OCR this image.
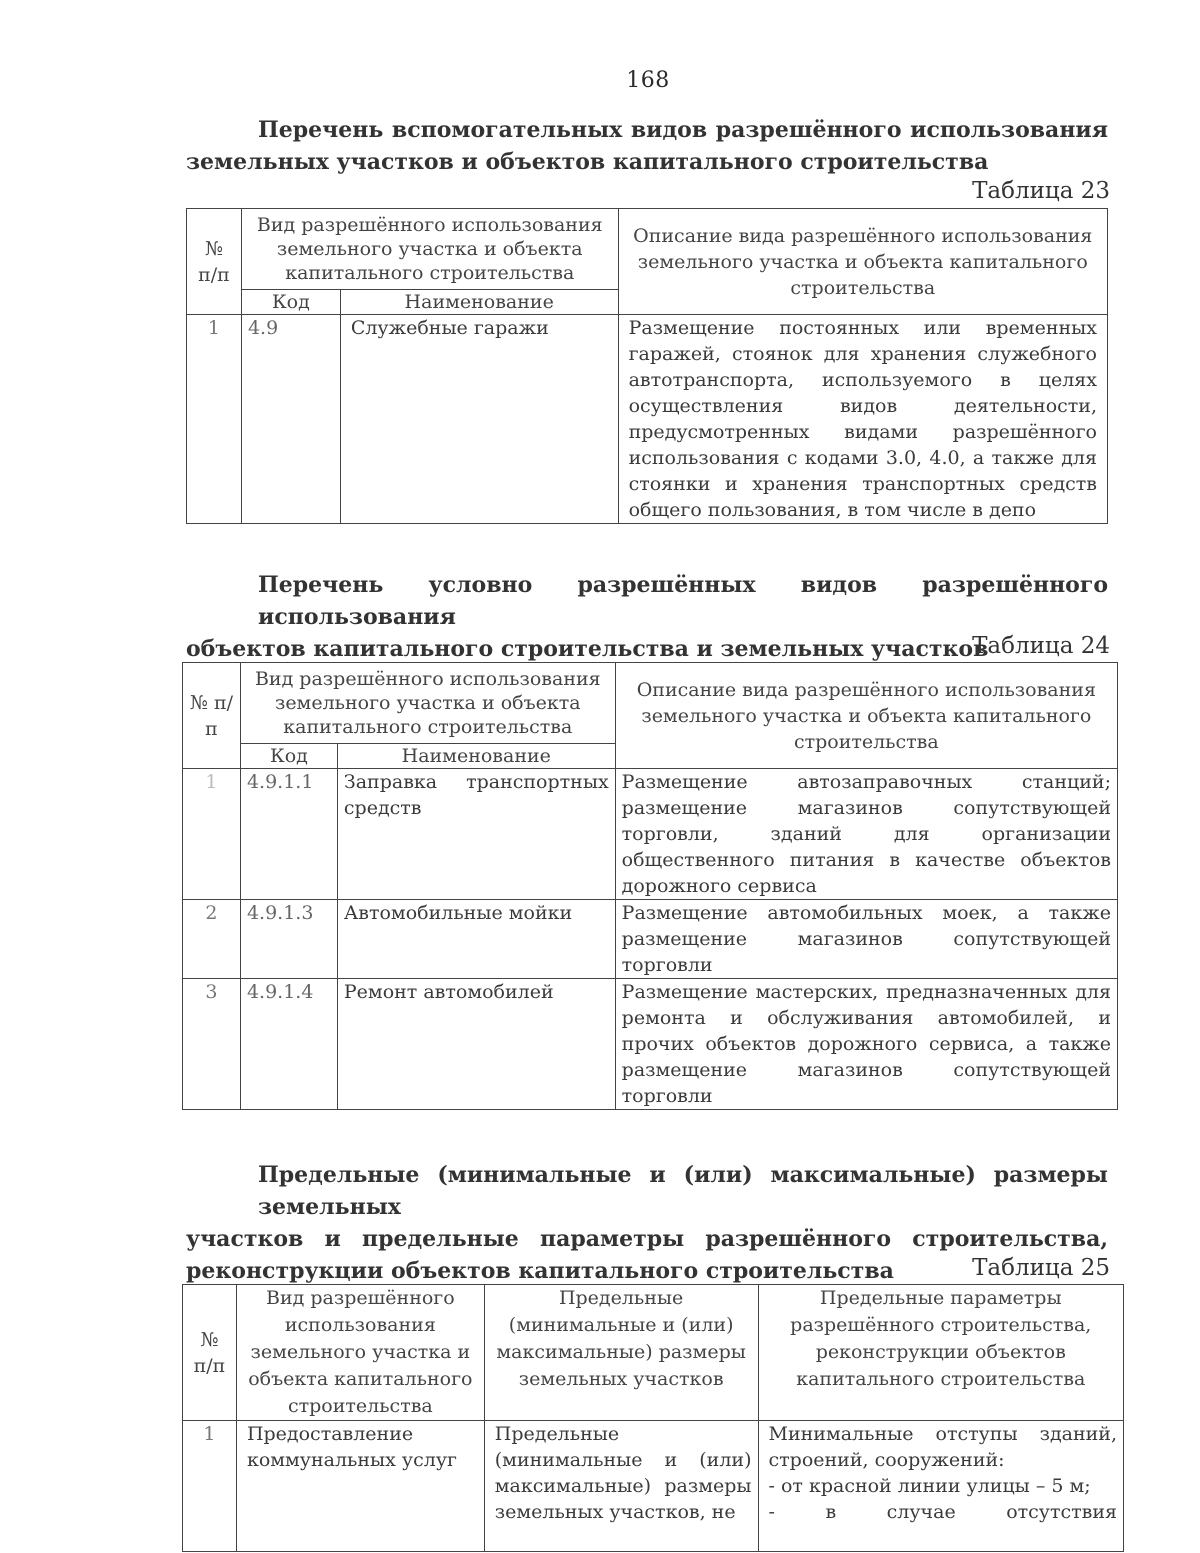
168
Перечень вспомогательных видов разрешённого использования
земельных участков и объектов капитального строительства
Таблица 23
№ п/п	Вид разрешённого использования земельного участка и объекта капитального строительства		Описание вида разрешённого использования земельного участка и объекта капитального строительства
	Код	Наименование	
1	4.9	Служебные гаражи	Размещение постоянных или временных гаражей, стоянок для хранения служебного автотранспорта, используемого в целях осуществления видов деятельности, предусмотренных видами разрешённого использования с кодами 3.0, 4.0, а также для стоянки и хранения транспортных средств общего пользования, в том числе в депо
Перечень условно разрешённых видов разрешённого использования
объектов капитального строительства и земельных участков
Таблица 24
№ п/п	Вид разрешённого использования земельного участка и объекта капитального строительства		Описание вида разрешённого использования земельного участка и объекта капитального строительства
	Код	Наименование	
1	4.9.1.1	Заправка транспортных средств	Размещение автозаправочных станций; размещение магазинов сопутствующей торговли, зданий для организации общественного питания в качестве объектов дорожного сервиса
2	4.9.1.3	Автомобильные мойки	Размещение автомобильных моек, а также размещение магазинов сопутствующей торговли
3	4.9.1.4	Ремонт автомобилей	Размещение мастерских, предназначенных для ремонта и обслуживания автомобилей, и прочих объектов дорожного сервиса, а также размещение магазинов сопутствующей торговли
Предельные (минимальные и (или) максимальные) размеры земельных
участков и предельные параметры разрешённого строительства,
реконструкции объектов капитального строительства	Таблица 25
№ п/п	Вид разрешённого использования земельного участка и объекта капитального строительства	Предельные (минимальные и (или) максимальные) размеры земельных участков	Предельные параметры разрешённого строительства, реконструкции объектов капитального строительства
1	Предоставление коммунальных услуг	Предельные (минимальные и (или) максимальные) размеры земельных участков, не	Минимальные отступы зданий, строений, сооружений:
- от красной линии улицы – 5 м;
- в случае отсутствия
